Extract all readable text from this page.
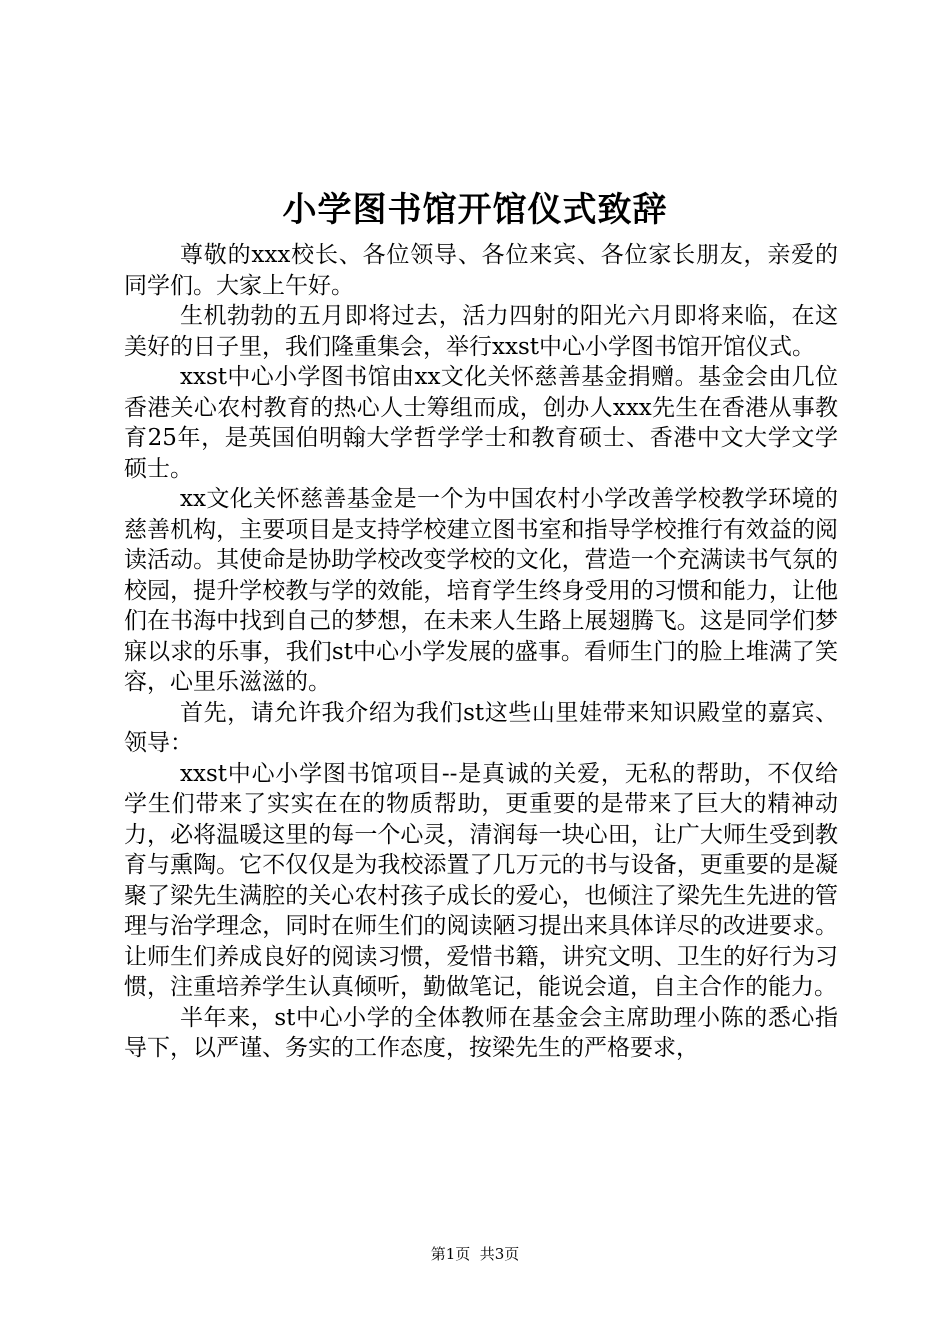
小学图书馆开馆仪式致辞

尊敬的xxx校长、各位领导、各位来宾、各位家长朋友，亲爱的同学们。大家上午好。

生机勃勃的五月即将过去，活力四射的阳光六月即将来临，在这美好的日子里，我们隆重集会，举行xxst中心小学图书馆开馆仪式。

xxst中心小学图书馆由xx文化关怀慈善基金捐赠。基金会由几位香港关心农村教育的热心人士筹组而成，创办人xxx先生在香港从事教育25年，是英国伯明翰大学哲学学士和教育硕士、香港中文大学文学硕士。

xx文化关怀慈善基金是一个为中国农村小学改善学校教学环境的慈善机构，主要项目是支持学校建立图书室和指导学校推行有效益的阅读活动。其使命是协助学校改变学校的文化，营造一个充满读书气氛的校园，提升学校教与学的效能，培育学生终身受用的习惯和能力，让他们在书海中找到自己的梦想，在未来人生路上展翅腾飞。这是同学们梦寐以求的乐事，我们st中心小学发展的盛事。看师生门的脸上堆满了笑容，心里乐滋滋的。

首先，请允许我介绍为我们st这些山里娃带来知识殿堂的嘉宾、领导：

xxst中心小学图书馆项目--是真诚的关爱，无私的帮助，不仅给学生们带来了实实在在的物质帮助，更重要的是带来了巨大的精神动力，必将温暖这里的每一个心灵，清润每一块心田，让广大师生受到教育与熏陶。它不仅仅是为我校添置了几万元的书与设备，更重要的是凝聚了梁先生满腔的关心农村孩子成长的爱心，也倾注了梁先生先进的管理与治学理念，同时在师生们的阅读陋习提出来具体详尽的改进要求。让师生们养成良好的阅读习惯，爱惜书籍，讲究文明、卫生的好行为习惯，注重培养学生认真倾听，勤做笔记，能说会道，自主合作的能力。

半年来，st中心小学的全体教师在基金会主席助理小陈的悉心指导下，以严谨、务实的工作态度，按梁先生的严格要求，

第1页  共3页
